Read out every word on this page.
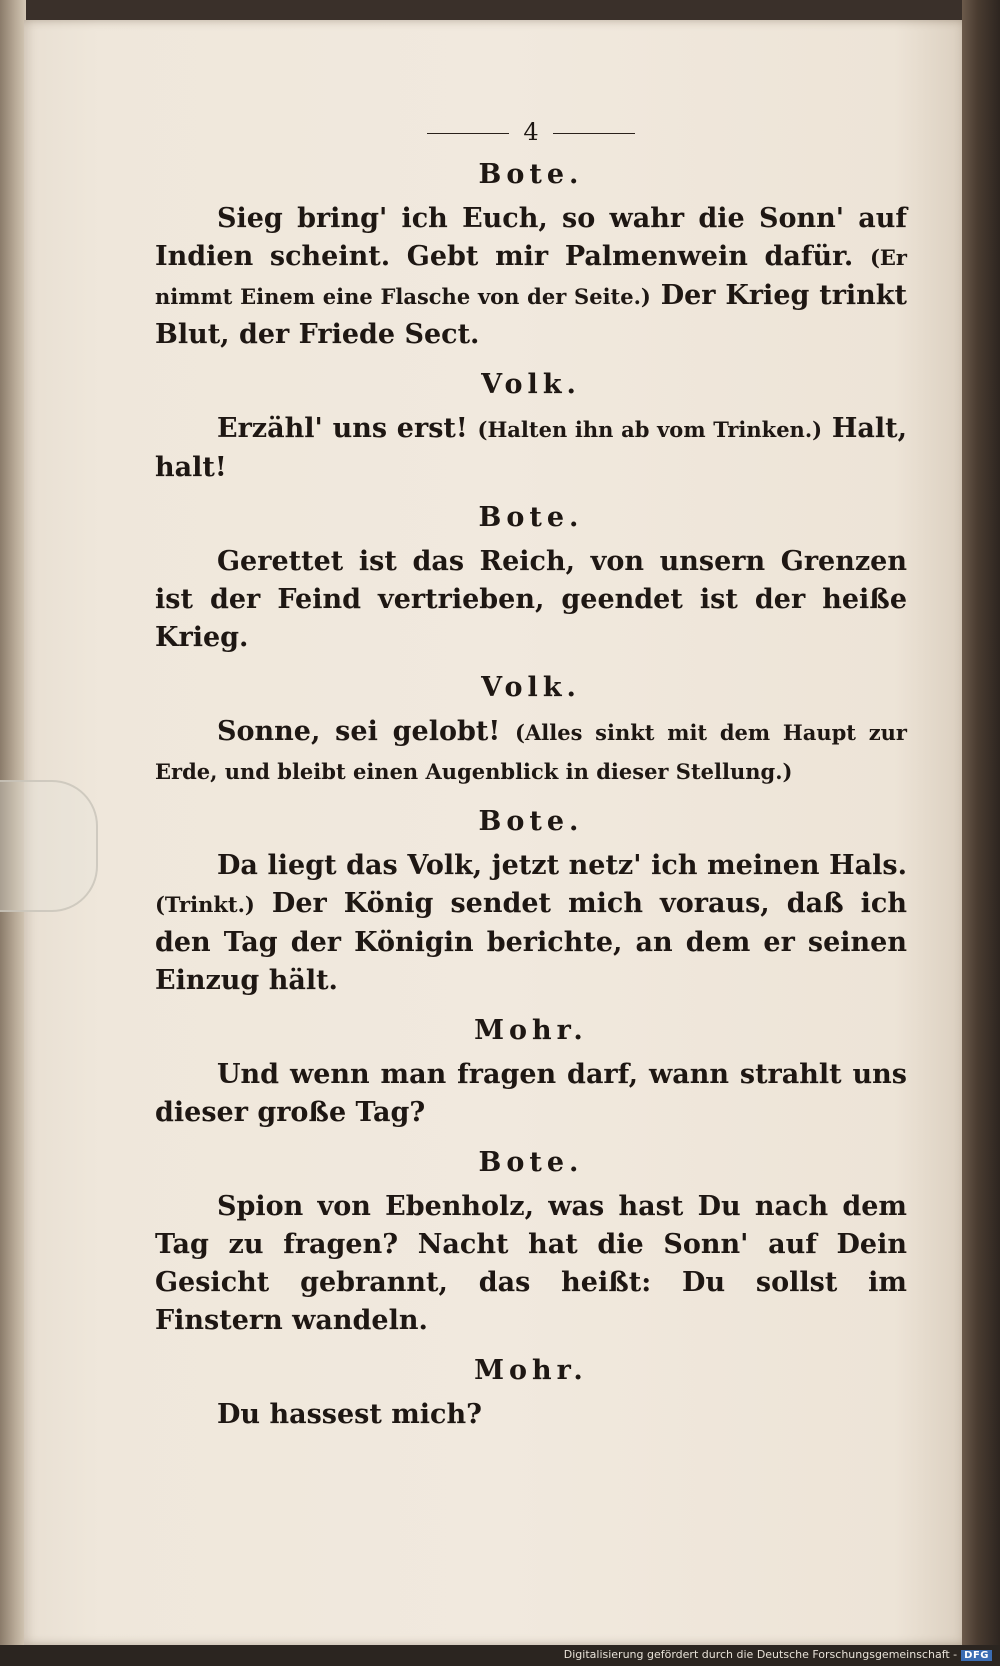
4
Bote.

Sieg bring' ich Euch, so wahr die Sonn' auf Indien scheint. Gebt mir Palmenwein dafür. (Er nimmt Einem eine Flasche von der Seite.) Der Krieg trinkt Blut, der Friede Sect.

Volk.

Erzähl' uns erst! (Halten ihn ab vom Trinken.) Halt, halt!

Bote.

Gerettet ist das Reich, von unsern Grenzen ist der Feind vertrieben, geendet ist der heiße Krieg.

Volk.

Sonne, sei gelobt! (Alles sinkt mit dem Haupt zur Erde, und bleibt einen Augenblick in dieser Stellung.)

Bote.

Da liegt das Volk, jetzt netz' ich meinen Hals. (Trinkt.) Der König sendet mich voraus, daß ich den Tag der Königin berichte, an dem er seinen Einzug hält.

Mohr.

Und wenn man fragen darf, wann strahlt uns dieser große Tag?

Bote.

Spion von Ebenholz, was hast Du nach dem Tag zu fragen? Nacht hat die Sonn' auf Dein Gesicht gebrannt, das heißt: Du sollst im Finstern wandeln.

Mohr.

Du hassest mich?

Digitalisierung gefördert durch die Deutsche Forschungsgemeinschaft - DFG
